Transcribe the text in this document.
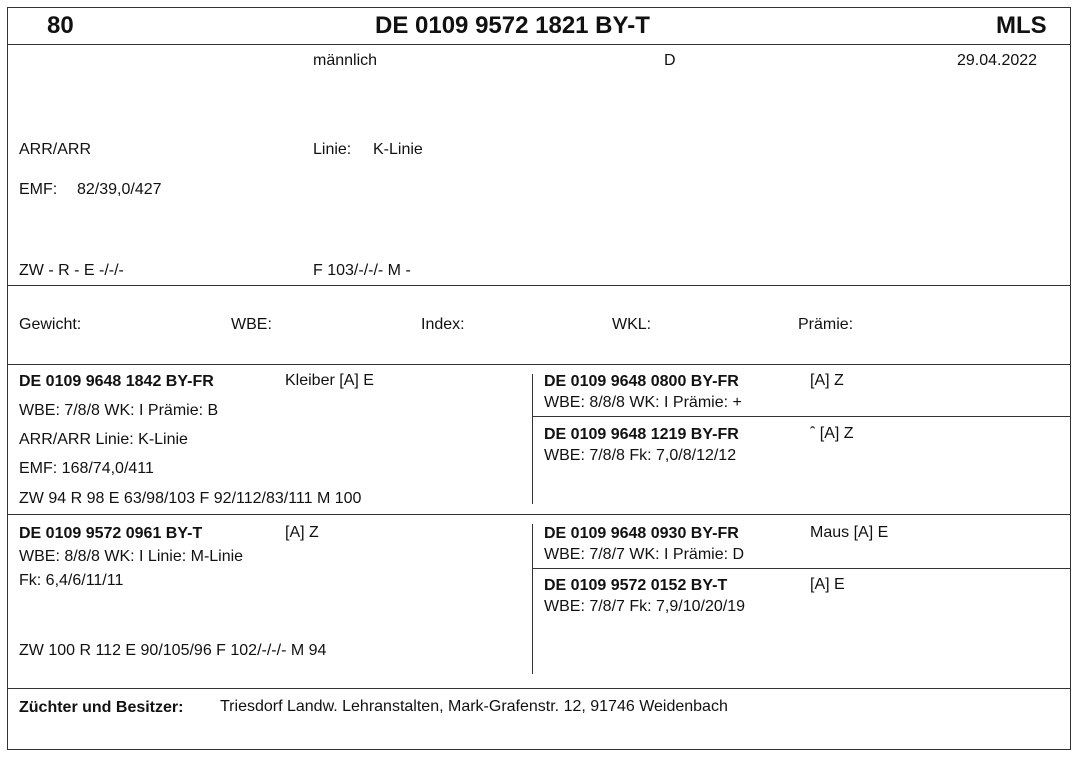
80	DE 0109 9572 1821 BY-T	MLS
männlich	D	29.04.2022
ARR/ARR	Linie: K-Linie
EMF: 82/39,0/427
ZW - R - E -/-/-	F 103/-/-/- M -
Gewicht:	WBE:	Index:	WKL:	Prämie:
DE 0109 9648 1842 BY-FR	Kleiber [A] E
WBE: 7/8/8 WK: I Prämie: B
ARR/ARR Linie: K-Linie
EMF: 168/74,0/411
ZW 94 R 98 E 63/98/103 F 92/112/83/111 M 100
DE 0109 9648 0800 BY-FR	[A] Z
WBE: 8/8/8 WK: I Prämie: +
DE 0109 9648 1219 BY-FR	ˆ [A] Z
WBE: 7/8/8 Fk: 7,0/8/12/12
DE 0109 9572 0961 BY-T	[A] Z
WBE: 8/8/8 WK: I Linie: M-Linie
Fk: 6,4/6/11/11
ZW 100 R 112 E 90/105/96 F 102/-/-/- M 94
DE 0109 9648 0930 BY-FR	Maus [A] E
WBE: 7/8/7 WK: I Prämie: D
DE 0109 9572 0152 BY-T	[A] E
WBE: 7/8/7 Fk: 7,9/10/20/19
Züchter und Besitzer: Triesdorf Landw. Lehranstalten, Mark-Grafenstr. 12, 91746 Weidenbach
